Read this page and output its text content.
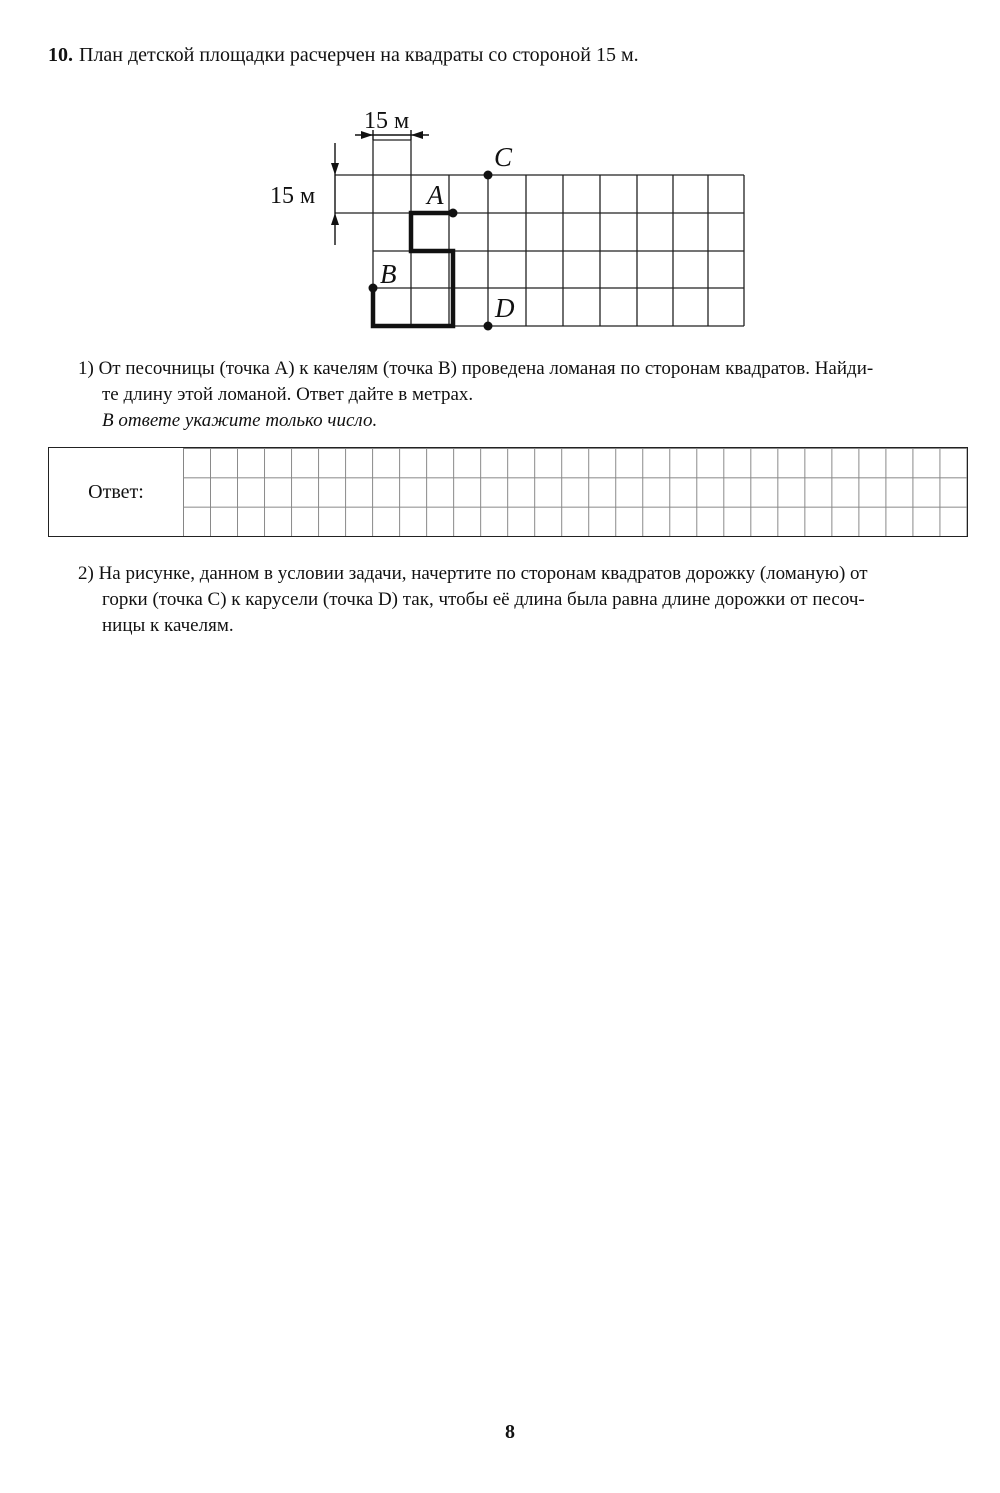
10. План детской площадки расчерчен на квадраты со стороной 15 м.
15 м
15 м	A
B
C
D
1) От песочницы (точка А) к качелям (точка В) проведена ломаная по сторонам квадратов. Найди-
те длину этой ломаной. Ответ дайте в метрах.
В ответе укажите только число.
Ответ:
2) На рисунке, данном в условии задачи, начертите по сторонам квадратов дорожку (ломаную) от
горки (точка С) к карусели (точка D) так, чтобы её длина была равна длине дорожки от песоч-
ницы к качелям.
8
